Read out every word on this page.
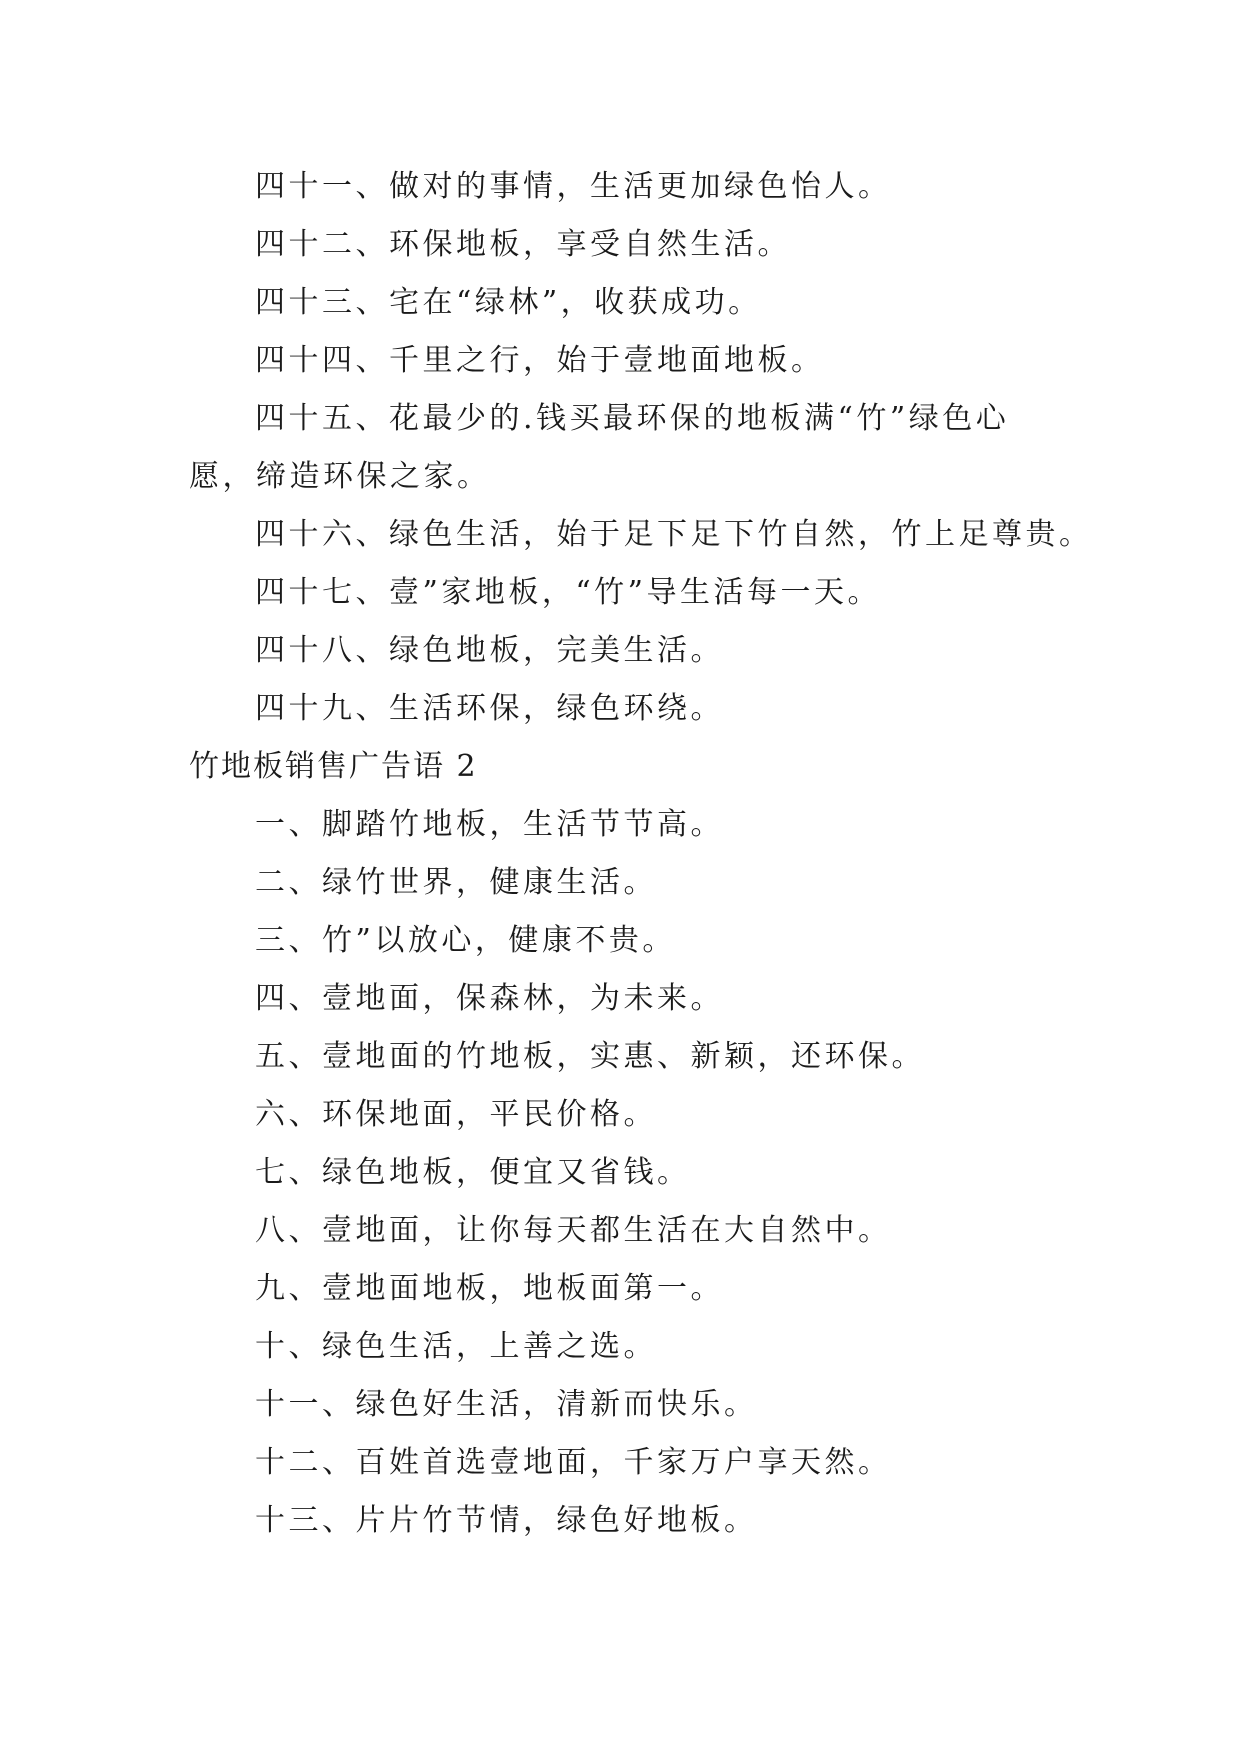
四十一、做对的事情，生活更加绿色怡人。
四十二、环保地板，享受自然生活。
四十三、宅在“绿林”，收获成功。
四十四、千里之行，始于壹地面地板。
四十五、花最少的.钱买最环保的地板满“竹”绿色心
愿，缔造环保之家。
四十六、绿色生活，始于足下足下竹自然，竹上足尊贵。
四十七、壹”家地板，“竹”导生活每一天。
四十八、绿色地板，完美生活。
四十九、生活环保，绿色环绕。
竹地板销售广告语 2
一、脚踏竹地板，生活节节高。
二、绿竹世界，健康生活。
三、竹”以放心，健康不贵。
四、壹地面，保森林，为未来。
五、壹地面的竹地板，实惠、新颖，还环保。
六、环保地面，平民价格。
七、绿色地板，便宜又省钱。
八、壹地面，让你每天都生活在大自然中。
九、壹地面地板，地板面第一。
十、绿色生活，上善之选。
十一、绿色好生活，清新而快乐。
十二、百姓首选壹地面，千家万户享天然。
十三、片片竹节情，绿色好地板。
